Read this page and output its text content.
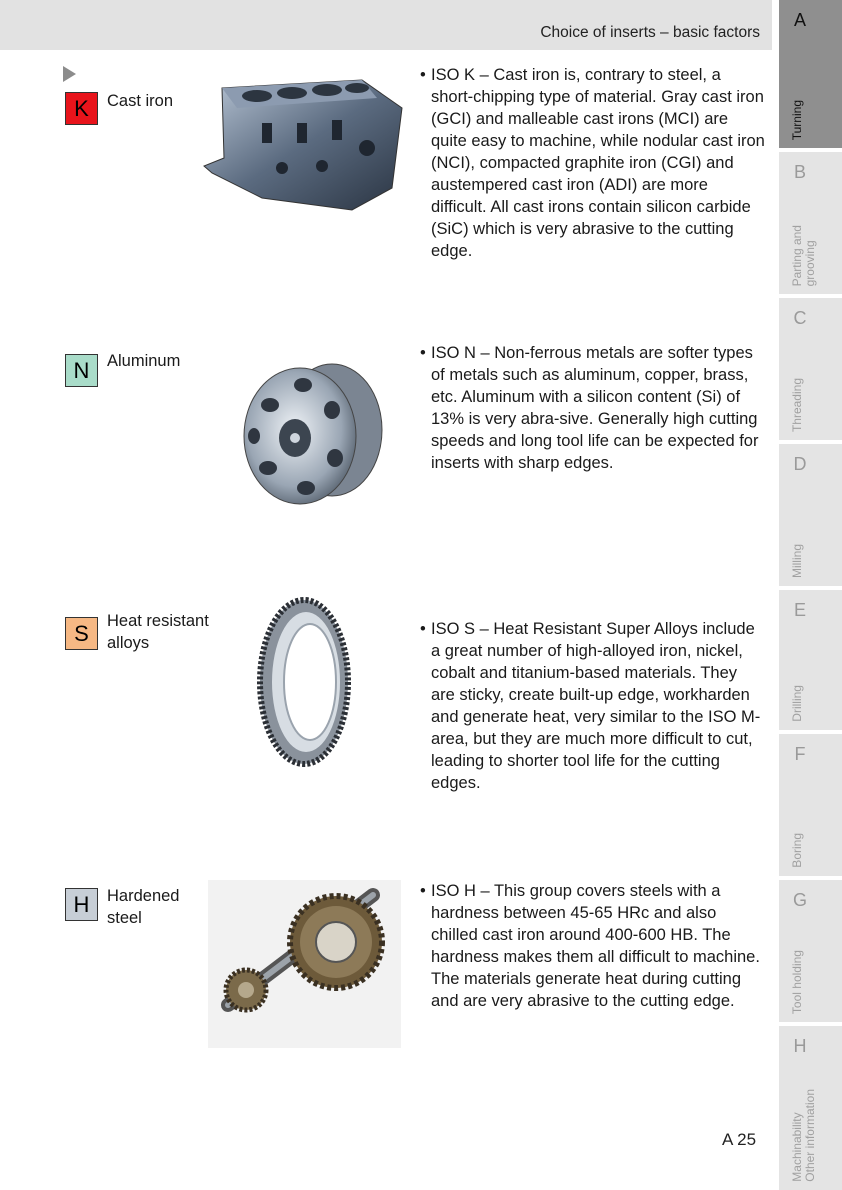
Choice of inserts – basic factors
K	Cast iron
• ISO K – Cast iron is, contrary to steel, a short-chipping type of material. Gray cast iron (GCI) and malleable cast irons (MCI) are quite easy to machine, while nodular cast iron (NCI), compacted graphite iron (CGI) and austempered cast iron (ADI) are more difficult. All cast irons contain silicon carbide (SiC) which is very abrasive to the cutting edge.
N	Aluminum	• ISO N – Non-ferrous metals are softer types of metals such as aluminum, copper, brass, etc. Aluminum with a silicon content (Si) of 13% is very abra-sive. Generally high cutting speeds and long tool life can be expected for inserts with sharp edges.
S	Heat resistant
alloys
• ISO S – Heat Resistant Super Alloys include a great number of high-alloyed iron, nickel, cobalt and titanium-based materials. They are sticky, create built-up edge, workharden and generate heat, very similar to the ISO M-area, but they are much more difficult to cut, leading to shorter tool life for the cutting edges.
H	Hardened
steel
• ISO H – This group covers steels with a hardness between 45-65 HRc and also chilled cast iron around 400-600 HB. The hardness makes them all difficult to machine. The materials generate heat during cutting and are very abrasive to the cutting edge.
A 25
A
Turning
B
Parting and
grooving
C
Threading
D
Milling
E
Drilling
F
Boring
G
Tool holding
H
Machinability
Other information
